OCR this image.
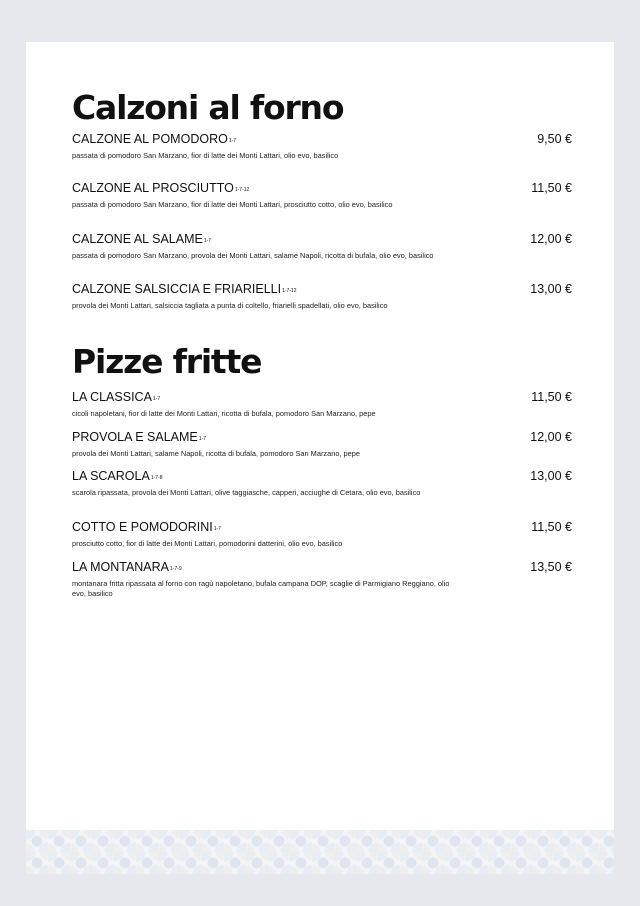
Calzoni al forno
CALZONE AL POMODORO1-7
passata di pomodoro San Marzano, fior di latte dei Monti Lattari, olio evo, basilico
9,50 €
CALZONE AL PROSCIUTTO1-7-12
passata di pomodoro San Marzano, fior di latte dei Monti Lattari, prosciutto cotto, olio evo, basilico
11,50 €
CALZONE AL SALAME1-7
passata di pomodoro San Marzano, provola dei Monti Lattari, salame Napoli, ricotta di bufala, olio evo, basilico
12,00 €
CALZONE SALSICCIA E FRIARIELLI1-7-12
provola dei Monti Lattari, salsiccia tagliata a punta di coltello, friarielli spadellati, olio evo, basilico
13,00 €
Pizze fritte
LA CLASSICA1-7
cicoli napoletani, fior di latte dei Monti Lattari, ricotta di bufala, pomodoro San Marzano, pepe
11,50 €
PROVOLA E SALAME1-7
provola dei Monti Lattari, salame Napoli, ricotta di bufala, pomodoro San Marzano, pepe
12,00 €
LA SCAROLA1-7-8
scarola ripassata, provola dei Monti Lattari, olive taggiasche, capperi, acciughe di Cetara, olio evo, basilico
13,00 €
COTTO E POMODORINI1-7
prosciutto cotto, fior di latte dei Monti Lattari, pomodorini datterini, olio evo, basilico
11,50 €
LA MONTANARA1-7-9
montanara fritta ripassata al forno con ragù napoletano, bufala campana DOP, scaglie di Parmigiano Reggiano, olio evo, basilico
13,50 €
